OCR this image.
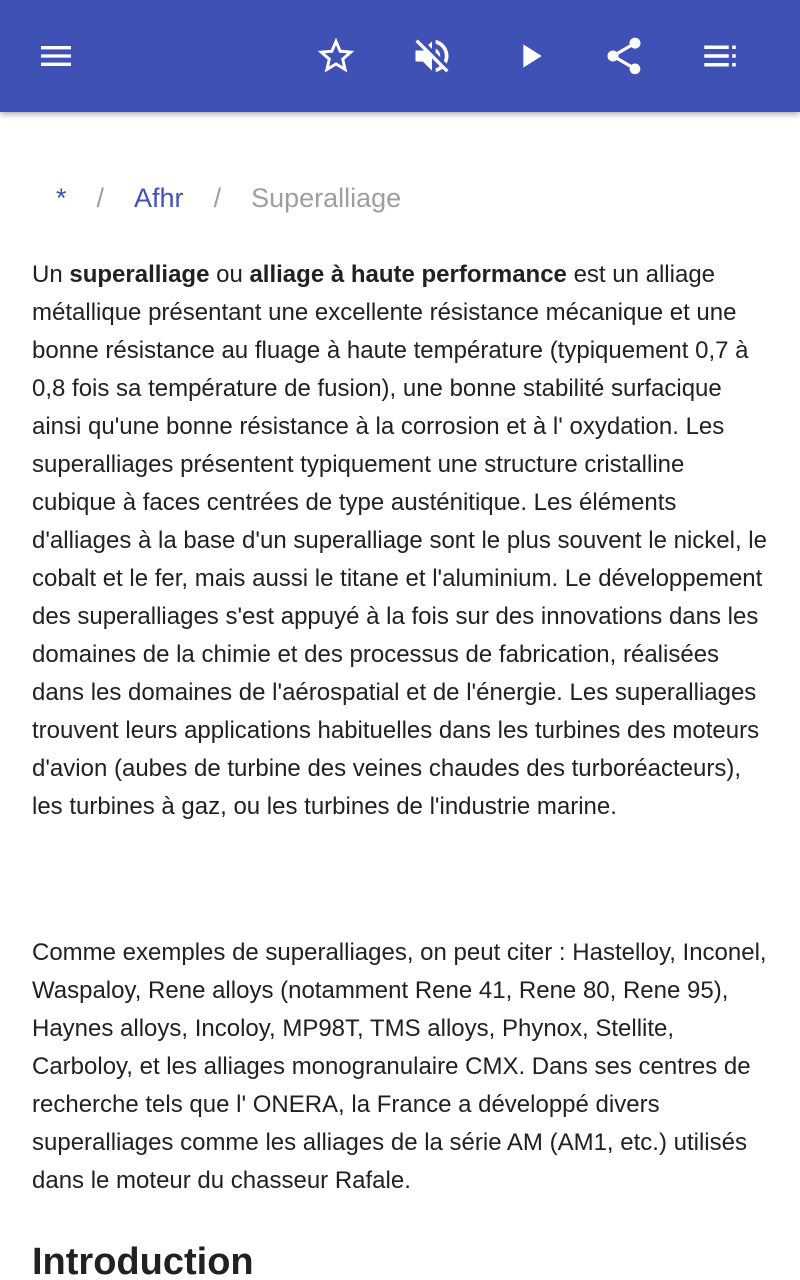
* / Afhr / Superalliage

Un superalliage ou alliage à haute performance est un alliage métallique présentant une excellente résistance mécanique et une bonne résistance au fluage à haute température (typiquement 0,7 à 0,8 fois sa température de fusion), une bonne stabilité surfacique ainsi qu'une bonne résistance à la corrosion et à l' oxydation. Les superalliages présentent typiquement une structure cristalline cubique à faces centrées de type austénitique. Les éléments d'alliages à la base d'un superalliage sont le plus souvent le nickel, le cobalt et le fer, mais aussi le titane et l'aluminium. Le développement des superalliages s'est appuyé à la fois sur des innovations dans les domaines de la chimie et des processus de fabrication, réalisées dans les domaines de l'aérospatial et de l'énergie. Les superalliages trouvent leurs applications habituelles dans les turbines des moteurs d'avion (aubes de turbine des veines chaudes des turboréacteurs), les turbines à gaz, ou les turbines de l'industrie marine.

Comme exemples de superalliages, on peut citer : Hastelloy, Inconel, Waspaloy, Rene alloys (notamment Rene 41, Rene 80, Rene 95), Haynes alloys, Incoloy, MP98T, TMS alloys, Phynox, Stellite, Carboloy, et les alliages monogranulaire CMX. Dans ses centres de recherche tels que l' ONERA, la France a développé divers superalliages comme les alliages de la série AM (AM1, etc.) utilisés dans le moteur du chasseur Rafale.

Introduction
